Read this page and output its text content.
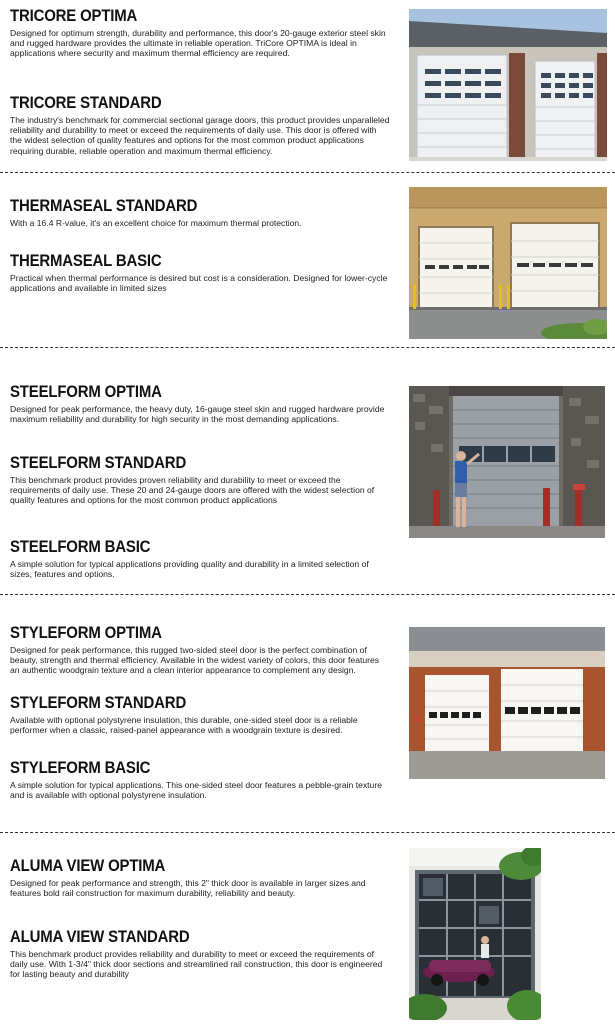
TRICORE OPTIMA

Designed for optimum strength, durability and performance, this door's 20-gauge exterior steel skin and rugged hardware provides the ultimate in reliable operation. TriCore OPTIMA is ideal in applications where security and maximum thermal efficiency are required.

TRICORE STANDARD

The industry's benchmark for commercial sectional garage doors, this product provides unparalleled reliability and durability to meet or exceed the requirements of daily use. This door is offered with the widest selection of quality features and options for the most common product applications requiring durable, reliable operation and maximum thermal efficiency.

THERMASEAL STANDARD

With a 16.4 R-value, it's an excellent choice for maximum thermal protection.

THERMASEAL BASIC

Practical when thermal performance is desired but cost is a consideration. Designed for lower-cycle applications and available in limited sizes

STEELFORM OPTIMA

Designed for peak performance, the heavy duty, 16-gauge steel skin and rugged hardware provide maximum reliability and durability for high security in the most demanding applications.

STEELFORM STANDARD

This benchmark product provides proven reliability and durability to meet or exceed the requirements of daily use. These 20 and 24-gauge doors are offered with the widest selection of quality features and options for the most common product applications

STEELFORM BASIC

A simple solution for typical applications providing quality and durability in a limited selection of sizes, features and options.

STYLEFORM OPTIMA

Designed for peak performance, this rugged two-sided steel door is the perfect combination of beauty, strength and thermal efficiency. Available in the widest variety of colors, this door features an authentic woodgrain texture and a clean interior appearance to complement any design.

STYLEFORM STANDARD

Available with optional polystyrene insulation, this durable, one-sided steel door is a reliable performer when a classic, raised-panel appearance with a woodgrain texture is desired.

STYLEFORM BASIC

A simple solution for typical applications. This one-sided steel door features a pebble-grain texture and is available with optional polystyrene insulation.

ALUMA VIEW OPTIMA

Designed for peak performance and strength, this 2" thick door is available in larger sizes and features bold rail construction for maximum durability, reliability and beauty.

ALUMA VIEW STANDARD

This benchmark product provides reliability and durability to meet or exceed the requirements of daily use. With 1-3/4" thick door sections and streamlined rail construction, this door is engineered for lasting beauty and durability
